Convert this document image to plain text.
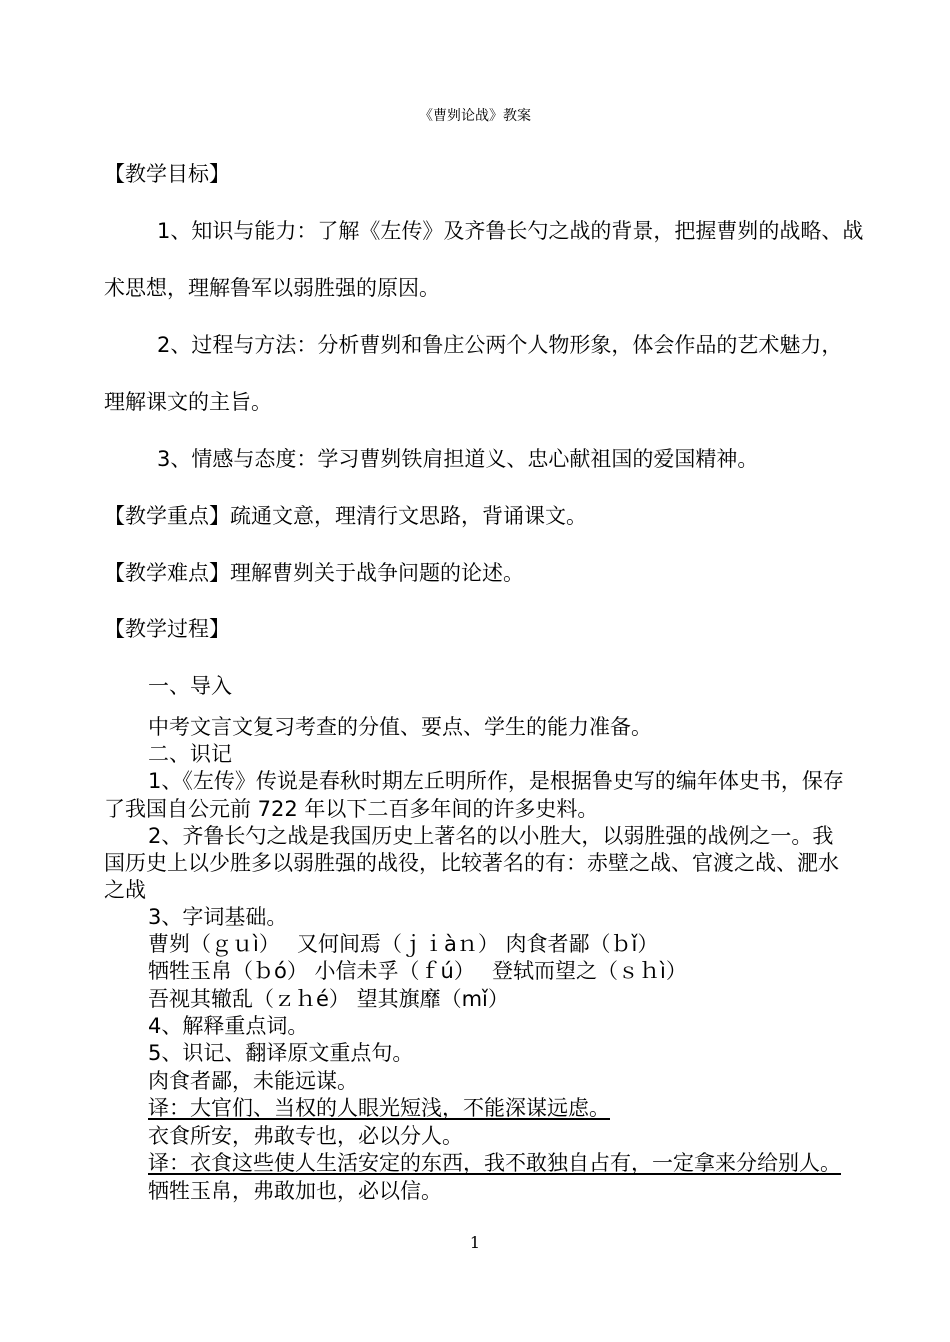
《曹刿论战》教案
【教学目标】
1、知识与能力：了解《左传》及齐鲁长勺之战的背景，把握曹刿的战略、战
术思想，理解鲁军以弱胜强的原因。
2、过程与方法：分析曹刿和鲁庄公两个人物形象，体会作品的艺术魅力，
理解课文的主旨。
3、情感与态度：学习曹刿铁肩担道义、忠心献祖国的爱国精神。
【教学重点】疏通文意，理清行文思路，背诵课文。
【教学难点】理解曹刿关于战争问题的论述。
【教学过程】
一、导入
中考文言文复习考查的分值、要点、学生的能力准备。
二、识记
1、《左传》传说是春秋时期左丘明所作，是根据鲁史写的编年体史书，保存
了我国自公元前 722 年以下二百多年间的许多史料。
2、齐鲁长勺之战是我国历史上著名的以小胜大，以弱胜强的战例之一。我
国历史上以少胜多以弱胜强的战役，比较著名的有：赤壁之战、官渡之战、淝水
之战
3、字词基础。
曹刿（ｇｕì）　 又何间焉（ｊｉàｎ） 肉食者鄙（ｂǐ）
牺牲玉帛（ｂó） 小信未孚（ｆú）　 登轼而望之（ｓｈì）
吾视其辙乱（ｚｈé） 望其旗靡（mǐ）
4、解释重点词。
5、识记、翻译原文重点句。
肉食者鄙，未能远谋。
译：大官们、当权的人眼光短浅，不能深谋远虑。
衣食所安，弗敢专也，必以分人。
译：衣食这些使人生活安定的东西，我不敢独自占有，一定拿来分给别人。
牺牲玉帛，弗敢加也，必以信。
1
